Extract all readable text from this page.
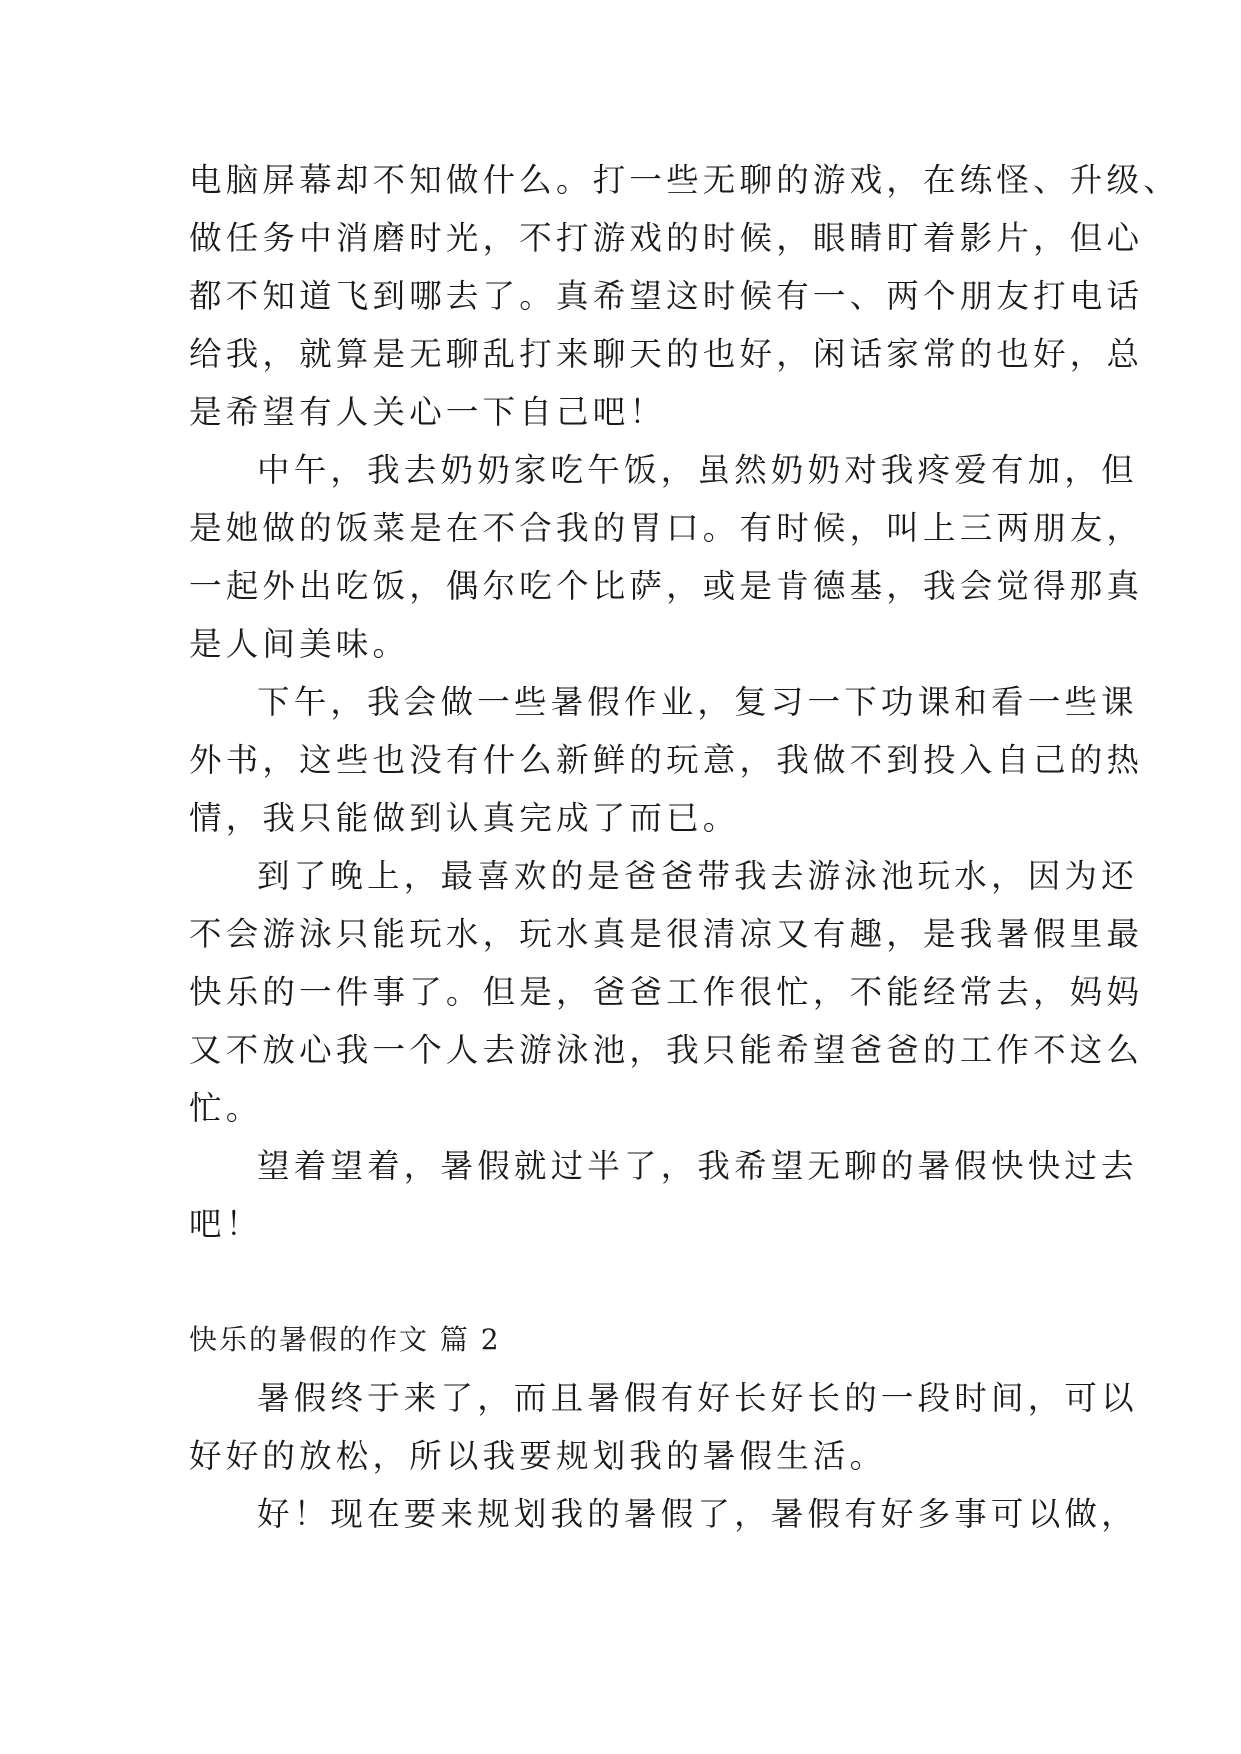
电脑屏幕却不知做什么。打一些无聊的游戏，在练怪、升级、
做任务中消磨时光，不打游戏的时候，眼睛盯着影片，但心
都不知道飞到哪去了。真希望这时候有一、两个朋友打电话
给我，就算是无聊乱打来聊天的也好，闲话家常的也好，总
是希望有人关心一下自己吧！
中午，我去奶奶家吃午饭，虽然奶奶对我疼爱有加，但
是她做的饭菜是在不合我的胃口。有时候，叫上三两朋友，
一起外出吃饭，偶尔吃个比萨，或是肯德基，我会觉得那真
是人间美味。
下午，我会做一些暑假作业，复习一下功课和看一些课
外书，这些也没有什么新鲜的玩意，我做不到投入自己的热
情，我只能做到认真完成了而已。
到了晚上，最喜欢的是爸爸带我去游泳池玩水，因为还
不会游泳只能玩水，玩水真是很清凉又有趣，是我暑假里最
快乐的一件事了。但是，爸爸工作很忙，不能经常去，妈妈
又不放心我一个人去游泳池，我只能希望爸爸的工作不这么
忙。
望着望着，暑假就过半了，我希望无聊的暑假快快过去
吧！
快乐的暑假的作文 篇 2
暑假终于来了，而且暑假有好长好长的一段时间，可以
好好的放松，所以我要规划我的暑假生活。
好！现在要来规划我的暑假了，暑假有好多事可以做，
